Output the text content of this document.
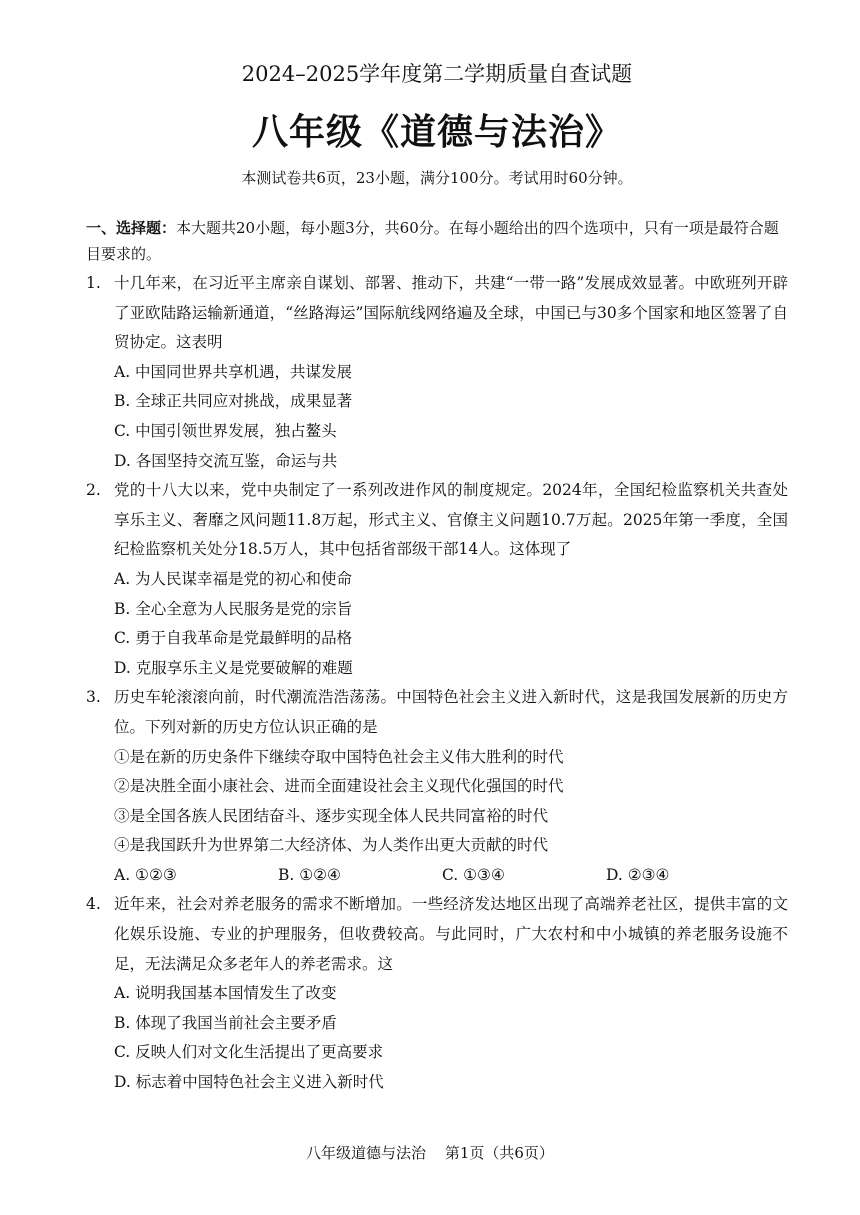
2024–2025学年度第二学期质量自查试题
八年级《道德与法治》
本测试卷共6页，23小题，满分100分。考试用时60分钟。
一、选择题：本大题共20小题，每小题3分，共60分。在每小题给出的四个选项中，只有一项是最符合题目要求的。
1. 十几年来，在习近平主席亲自谋划、部署、推动下，共建“一带一路”发展成效显著。中欧班列开辟了亚欧陆路运输新通道，“丝路海运”国际航线网络遍及全球，中国已与30多个国家和地区签署了自贸协定。这表明
A. 中国同世界共享机遇，共谋发展
B. 全球正共同应对挑战，成果显著
C. 中国引领世界发展，独占鳌头
D. 各国坚持交流互鉴，命运与共
2. 党的十八大以来，党中央制定了一系列改进作风的制度规定。2024年，全国纪检监察机关共查处享乐主义、奢靡之风问题11.8万起，形式主义、官僚主义问题10.7万起。2025年第一季度，全国纪检监察机关处分18.5万人，其中包括省部级干部14人。这体现了
A. 为人民谋幸福是党的初心和使命
B. 全心全意为人民服务是党的宗旨
C. 勇于自我革命是党最鲜明的品格
D. 克服享乐主义是党要破解的难题
3. 历史车轮滚滚向前，时代潮流浩浩荡荡。中国特色社会主义进入新时代，这是我国发展新的历史方位。下列对新的历史方位认识正确的是
①是在新的历史条件下继续夺取中国特色社会主义伟大胜利的时代
②是决胜全面小康社会、进而全面建设社会主义现代化强国的时代
③是全国各族人民团结奋斗、逐步实现全体人民共同富裕的时代
④是我国跃升为世界第二大经济体、为人类作出更大贡献的时代
A. ①②③	B. ①②④	C. ①③④	D. ②③④
4. 近年来，社会对养老服务的需求不断增加。一些经济发达地区出现了高端养老社区，提供丰富的文化娱乐设施、专业的护理服务，但收费较高。与此同时，广大农村和中小城镇的养老服务设施不足，无法满足众多老年人的养老需求。这
A. 说明我国基本国情发生了改变
B. 体现了我国当前社会主要矛盾
C. 反映人们对文化生活提出了更高要求
D. 标志着中国特色社会主义进入新时代
八年级道德与法治 第1页（共6页）
